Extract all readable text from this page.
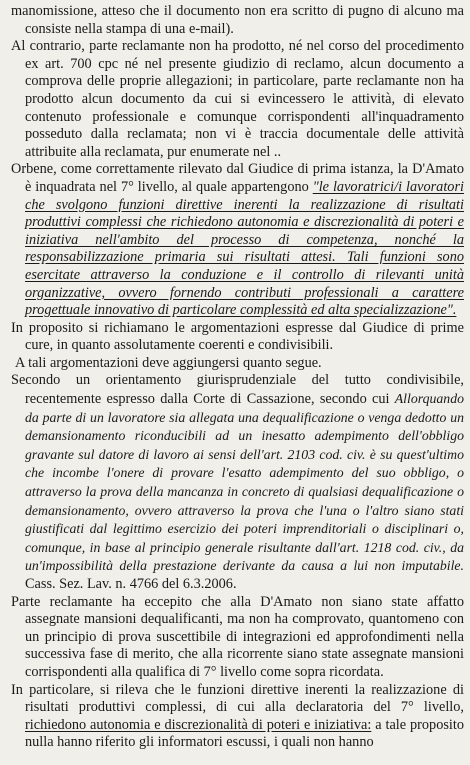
manomissione, atteso che il documento non era scritto di pugno di alcuno ma consiste nella stampa di una e-mail).

Al contrario, parte reclamante non ha prodotto, né nel corso del procedimento ex art. 700 cpc né nel presente giudizio di reclamo, alcun documento a comprova delle proprie allegazioni; in particolare, parte reclamante non ha prodotto alcun documento da cui si evincessero le attività, di elevato contenuto professionale e comunque corrispondenti all'inquadramento posseduto dalla reclamata; non vi è traccia documentale delle attività attribuite alla reclamata, pur enumerate nel ..

Orbene, come correttamente rilevato dal Giudice di prima istanza, la D'Amato è inquadrata nel 7° livello, al quale appartengono "le lavoratrici/i lavoratori che svolgono funzioni direttive inerenti la realizzazione di risultati produttivi complessi che richiedono autonomia e discrezionalità di poteri e iniziativa nell'ambito del processo di competenza, nonché la responsabilizzazione primaria sui risultati attesi. Tali funzioni sono esercitate attraverso la conduzione e il controllo di rilevanti unità organizzative, ovvero fornendo contributi professionali a carattere progettuale innovativo di particolare complessità ed alta specializzazione".

In proposito si richiamano le argomentazioni espresse dal Giudice di prime cure, in quanto assolutamente coerenti e condivisibili.

A tali argomentazioni deve aggiungersi quanto segue.

Secondo un orientamento giurisprudenziale del tutto condivisibile, recentemente espresso dalla Corte di Cassazione, secondo cui Allorquando da parte di un lavoratore sia allegata una dequalificazione o venga dedotto un demansionamento riconducibili ad un inesatto adempimento dell'obbligo gravante sul datore di lavoro ai sensi dell'art. 2103 cod. civ. è su quest'ultimo che incombe l'onere di provare l'esatto adempimento del suo obbligo, o attraverso la prova della mancanza in concreto di qualsiasi dequalificazione o demansionamento, ovvero attraverso la prova che l'una o l'altro siano stati giustificati dal legittimo esercizio dei poteri imprenditoriali o disciplinari o, comunque, in base al principio generale risultante dall'art. 1218 cod. civ., da un'impossibilità della prestazione derivante da causa a lui non imputabile. Cass. Sez. Lav. n. 4766 del 6.3.2006.

Parte reclamante ha eccepito che alla D'Amato non siano state affatto assegnate mansioni dequalificanti, ma non ha comprovato, quantomeno con un principio di prova suscettibile di integrazioni ed approfondimenti nella successiva fase di merito, che alla ricorrente siano state assegnate mansioni corrispondenti alla qualifica di 7° livello come sopra ricordata.

In particolare, si rileva che le funzioni direttive inerenti la realizzazione di risultati produttivi complessi, di cui alla declaratoria del 7° livello, richiedono autonomia e discrezionalità di poteri e iniziativa: a tale proposito nulla hanno riferito gli informatori escussi, i quali non hanno
